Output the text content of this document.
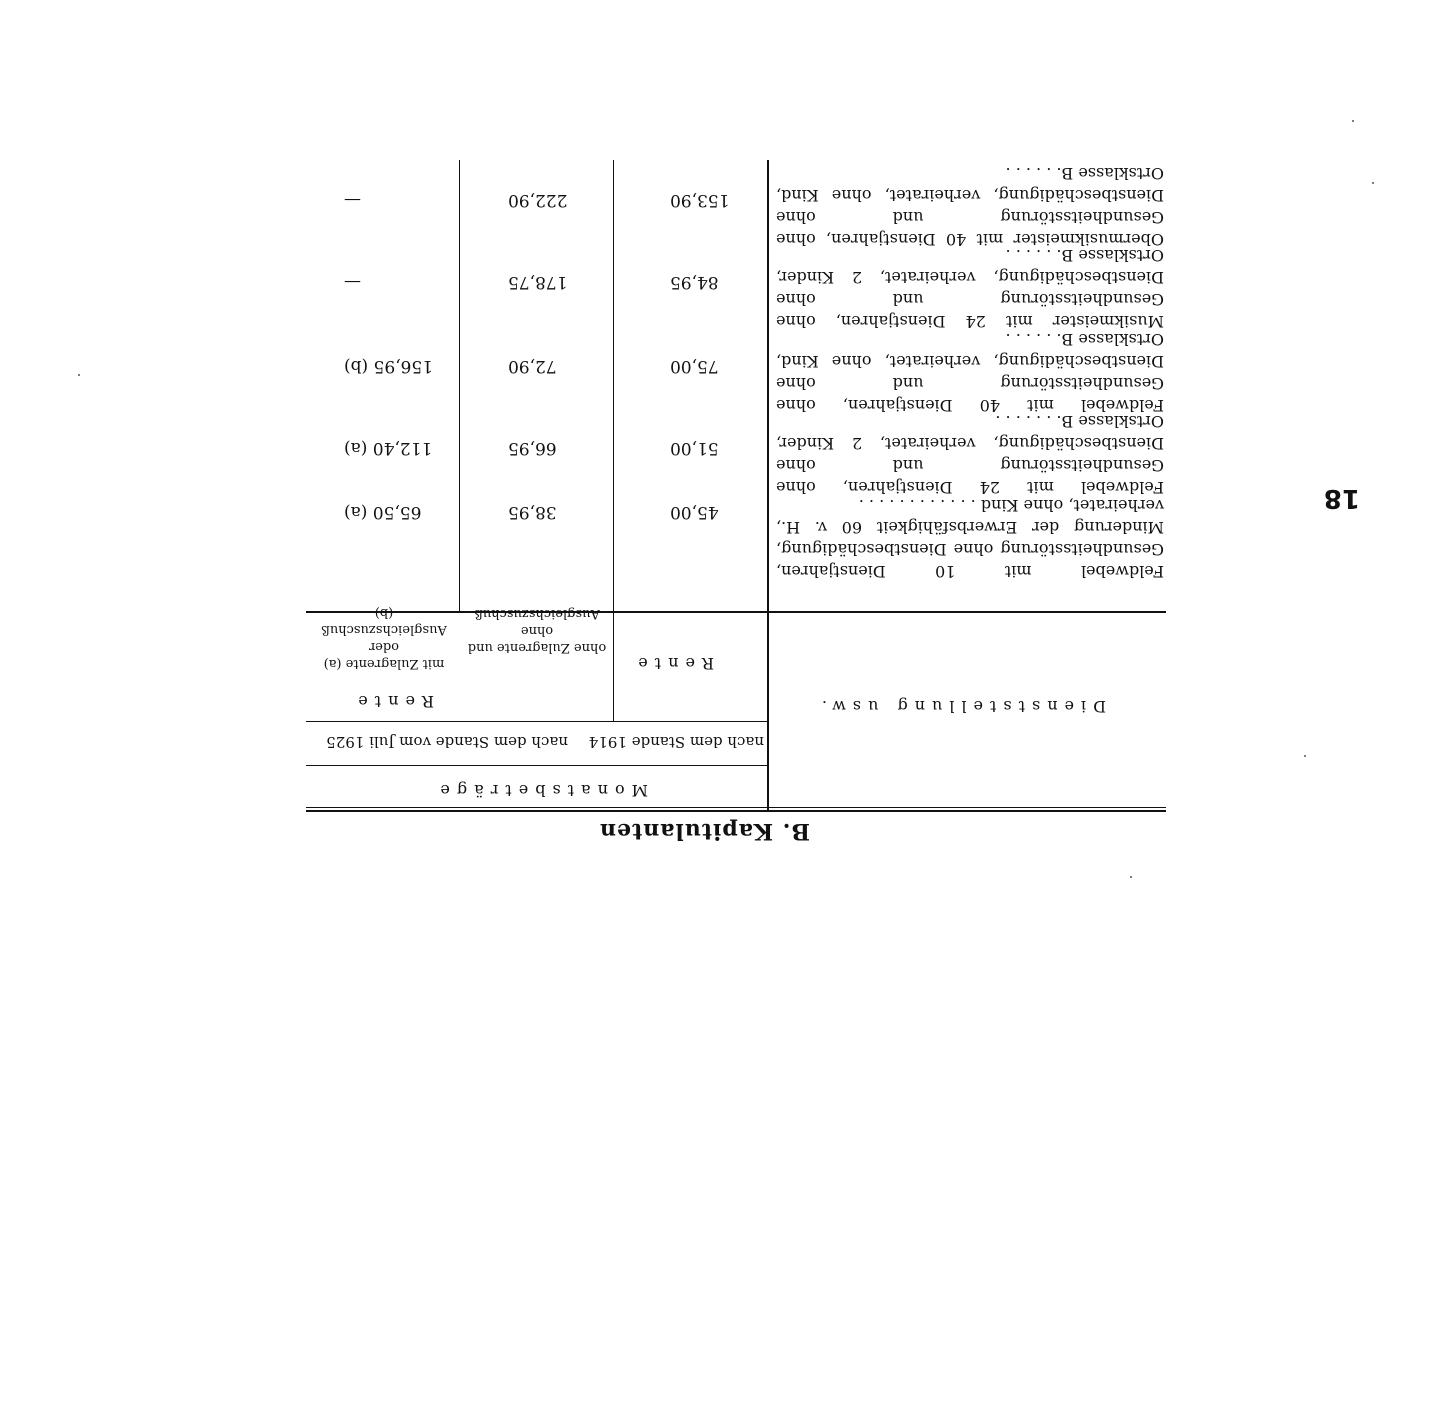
18
B. Kapitulanten
Monatsbeträge
Dienststellung usw.
nach dem Stande 1914
nach dem Stande vom Juli 1925
Rente
Rente
ohne Zulagrente und ohne Ausgleichszuschuß
mit Zulagrente (a) oder Ausgleichszuschuß (b)
Feldwebel mit 10 Dienstjahren, Gesundheitsstörung ohne Dienstbeschädigung, Minderung der Erwerbsfähigkeit 60 v. H., verheiratet, ohne Kind . . . . . . . . . . . .
45,00
38,95
65,50 (a)
Feldwebel mit 24 Dienstjahren, ohne Gesundheitsstörung und ohne Dienstbeschädigung, verheiratet, 2 Kinder, Ortsklasse B. . . . . . .
51,00
66,95
112,40 (a)
Feldwebel mit 40 Dienstjahren, ohne Gesundheitsstörung und ohne Dienstbeschädigung, verheiratet, ohne Kind, Ortsklasse B. . . . . .
75,00
72,90
156,95 (b)
Musikmeister mit 24 Dienstjahren, ohne Gesundheitsstörung und ohne Dienstbeschädigung, verheiratet, 2 Kinder, Ortsklasse B. . . . . .
84,95
178,75
—
Obermusikmeister mit 40 Dienstjahren, ohne Gesundheitsstörung und ohne Dienstbeschädigung, verheiratet, ohne Kind, Ortsklasse B. . . . . .
153,90
222,90
—
